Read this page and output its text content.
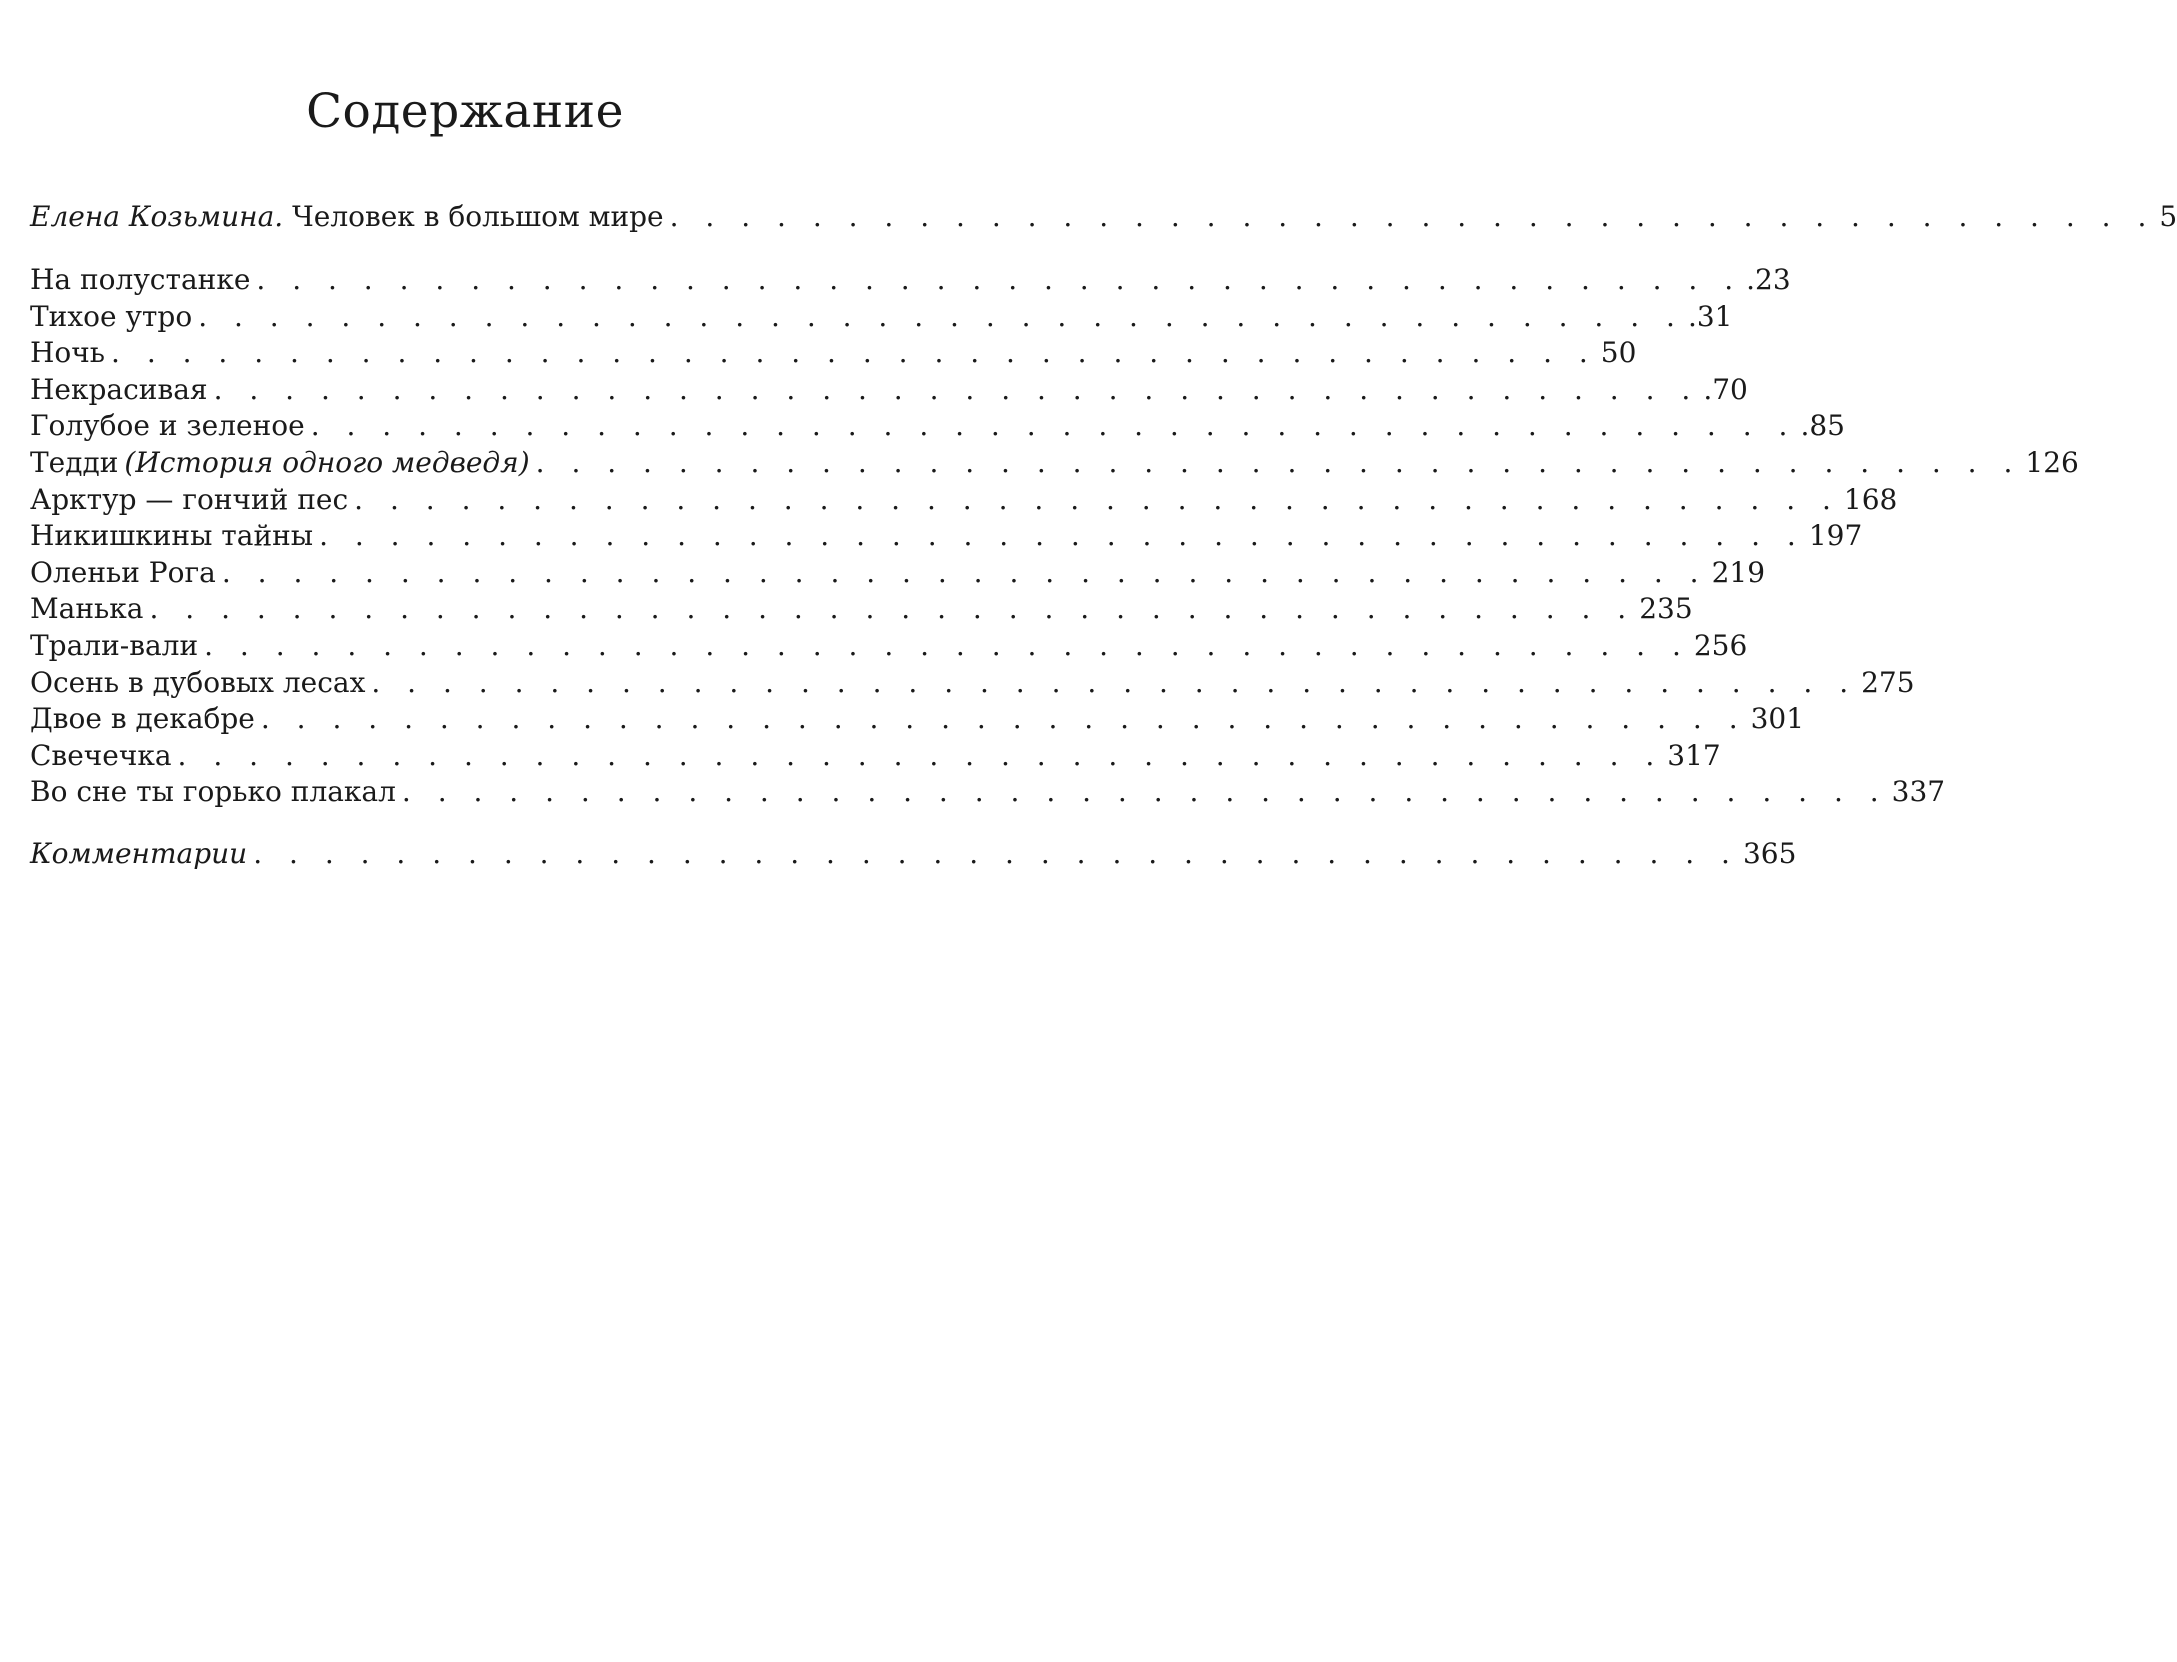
Содержание
Елена Козьмина. Человек в большом мире . . . . . . . . . . . . . . . . . . . . . . . . . . . . . . . . . . . . . . . . . . 5
На полустанке . . . . . . . . . . . . . . . . . . . . . . . . . . . . . . . . . . . . . . . . . . .23
Тихое утро . . . . . . . . . . . . . . . . . . . . . . . . . . . . . . . . . . . . . . . . . . .31
Ночь . . . . . . . . . . . . . . . . . . . . . . . . . . . . . . . . . . . . . . . . . . 50
Некрасивая . . . . . . . . . . . . . . . . . . . . . . . . . . . . . . . . . . . . . . . . . . .70
Голубое и зеленое . . . . . . . . . . . . . . . . . . . . . . . . . . . . . . . . . . . . . . . . . . .85
Тедди (История одного медведя) . . . . . . . . . . . . . . . . . . . . . . . . . . . . . . . . . . . . . . . . . . 126
Арктур — гончий пес . . . . . . . . . . . . . . . . . . . . . . . . . . . . . . . . . . . . . . . . . . 168
Никишкины тайны . . . . . . . . . . . . . . . . . . . . . . . . . . . . . . . . . . . . . . . . . . 197
Оленьи Рога . . . . . . . . . . . . . . . . . . . . . . . . . . . . . . . . . . . . . . . . . . 219
Манька . . . . . . . . . . . . . . . . . . . . . . . . . . . . . . . . . . . . . . . . . . 235
Трали-вали . . . . . . . . . . . . . . . . . . . . . . . . . . . . . . . . . . . . . . . . . . 256
Осень в дубовых лесах . . . . . . . . . . . . . . . . . . . . . . . . . . . . . . . . . . . . . . . . . . 275
Двое в декабре . . . . . . . . . . . . . . . . . . . . . . . . . . . . . . . . . . . . . . . . . . 301
Свечечка . . . . . . . . . . . . . . . . . . . . . . . . . . . . . . . . . . . . . . . . . . 317
Во сне ты горько плакал . . . . . . . . . . . . . . . . . . . . . . . . . . . . . . . . . . . . . . . . . . 337
Комментарии . . . . . . . . . . . . . . . . . . . . . . . . . . . . . . . . . . . . . . . . . . 365
